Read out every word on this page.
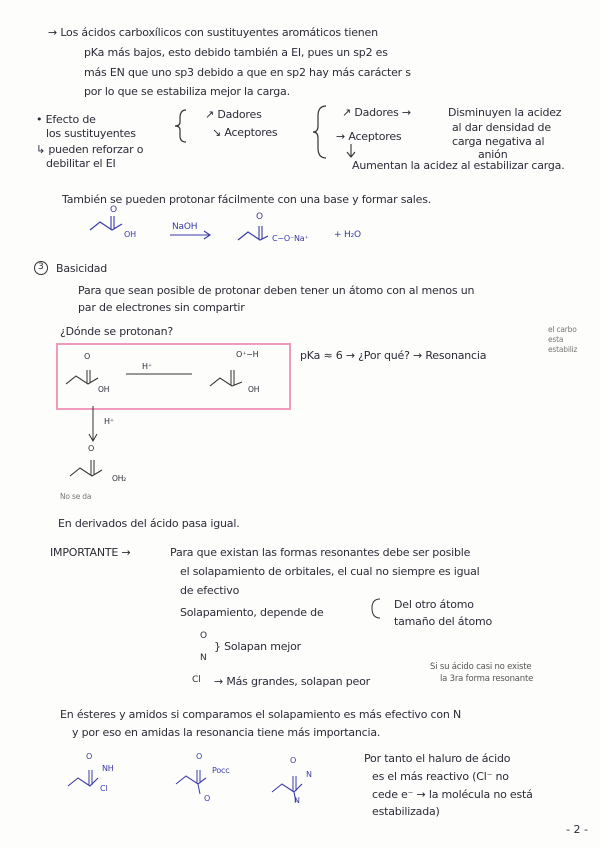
→ Los ácidos carboxílicos con sustituyentes aromáticos tienen
pKa más bajos, esto debido también a EI, pues un sp2 es
más EN que uno sp3 debido a que en sp2 hay más carácter s
por lo que se estabiliza mejor la carga.
• Efecto de
los sustituyentes
↳ pueden reforzar o
debilitar el EI
↗ Dadores
↘ Aceptores
↗ Dadores →
→ Aceptores
Disminuyen la acidez
al dar densidad de
carga negativa al
anión
Aumentan la acidez al estabilizar carga.
También se pueden protonar fácilmente con una base y formar sales.
O
OH
NaOH
O
C−O⁻Na⁺	+ H₂O
3 Basicidad
Para que sean posible de protonar deben tener un átomo con al menos un
par de electrones sin compartir
¿Dónde se protonan?
O
OH
H⁺
O⁺−H
OH
pKa ≈ 6 → ¿Por qué? → Resonancia
el carbo
esta
estabiliz
H⁺
O
OH₂
No se da
En derivados del ácido pasa igual.
IMPORTANTE →	Para que existan las formas resonantes debe ser posible
el solapamiento de orbitales, el cual no siempre es igual
de efectivo
Solapamiento, depende de
Del otro átomo
tamaño del átomo
O
N
} Solapan mejor
Cl → Más grandes, solapan peor
Si su ácido casi no existe
la 3ra forma resonante
En ésteres y amidos si comparamos el solapamiento es más efectivo con N
y por eso en amidas la resonancia tiene más importancia.
O
NH
Cl
O
Pocc
O
O
N
N
Por tanto el haluro de ácido
es el más reactivo (Cl⁻ no
cede e⁻ → la molécula no está
estabilizada)
- 2 -
